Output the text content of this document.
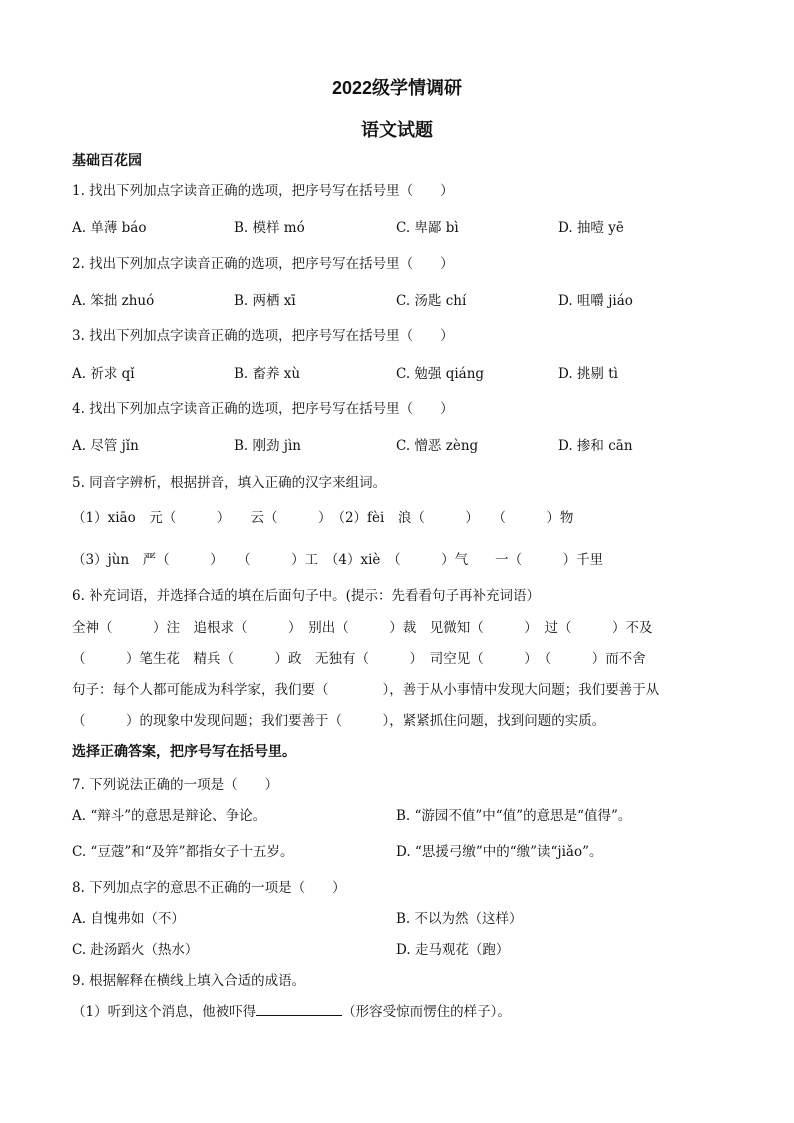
2022级学情调研
语文试题
基础百花园
1. 找出下列加点字读音正确的选项，把序号写在括号里（　　）
A. 单薄 báo	B. 模样 mó	C. 卑鄙 bì	D. 抽噎 yē
2. 找出下列加点字读音正确的选项，把序号写在括号里（　　）
A. 笨拙 zhuó	B. 两栖 xī	C. 汤匙 chí	D. 咀嚼 jiáo
3. 找出下列加点字读音正确的选项，把序号写在括号里（　　）
A. 祈求 qǐ	B. 畜养 xù	C. 勉强 qiáng	D. 挑剔 tì
4. 找出下列加点字读音正确的选项，把序号写在括号里（　　）
A. 尽管 jǐn	B. 刚劲 jìn	C. 憎恶 zèng	D. 掺和 cān
5. 同音字辨析，根据拼音，填入正确的汉字来组词。
（1）xiāo　元（　　　）　　云（　　　）　（2）fèi　浪（　　　）　　（　　　）物
（3）jùn　严（　　　）　　（　　　）工　（4）xiè　（　　　）气　　一（　　　）千里
6. 补充词语，并选择合适的填在后面句子中。(提示：先看看句子再补充词语）
全神（　　　）注　追根求（　　　）　别出（　　　）裁　见微知（　　　）　过（　　　）不及
（　　　）笔生花　精兵（　　　）政　无独有（　　　）　司空见（　　　）　（　　　）而不舍
句子：每个人都可能成为科学家，我们要（　　　　），善于从小事情中发现大问题；我们要善于从
（　　　）的现象中发现问题；我们要善于（　　　），紧紧抓住问题，找到问题的实质。
选择正确答案，把序号写在括号里。
7. 下列说法正确的一项是（　　）
A. “辩斗”的意思是辩论、争论。	B. “游园不值”中“值”的意思是“值得”。
C. “豆蔻”和“及笄”都指女子十五岁。	D. “思援弓缴”中的“缴”读“jiǎo”。
8. 下列加点字的意思不正确的一项是（　　）
A. 自愧弗如（不）	B. 不以为然（这样）
C. 赴汤蹈火（热水）	D. 走马观花（跑）
9. 根据解释在横线上填入合适的成语。
（1）听到这个消息，他被吓得	（形容受惊而愣住的样子）。
